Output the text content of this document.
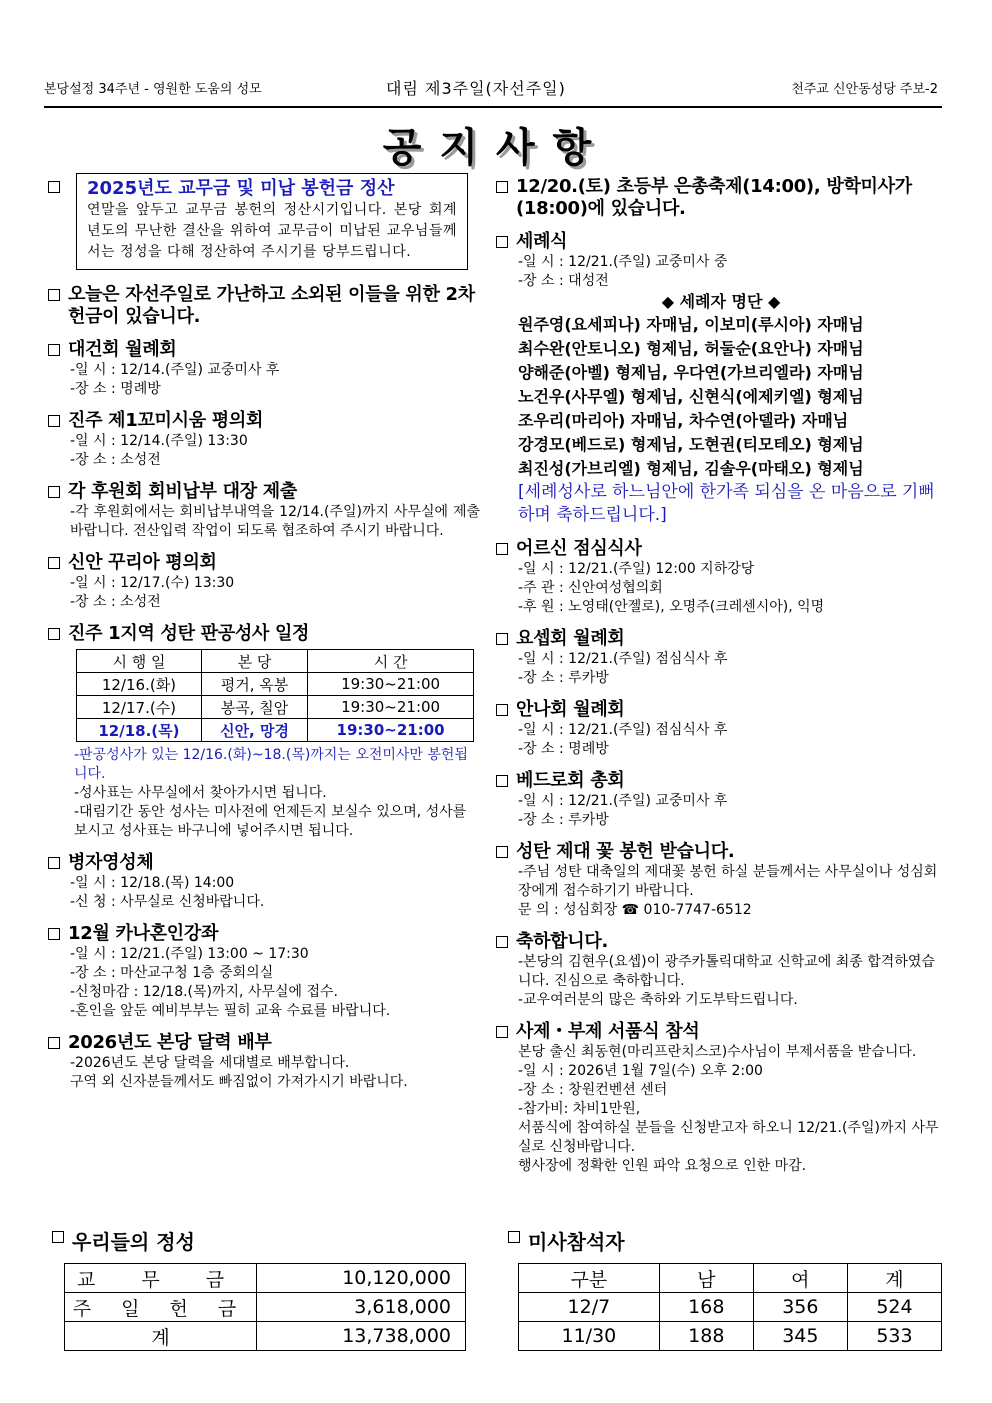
본당설정 34주년 - 영원한 도움의 성모	대림 제3주일(자선주일)	천주교 신안동성당 주보-2
공지사항
2025년도 교무금 및 미납 봉헌금 정산
연말을 앞두고 교무금 봉헌의 정산시기입니다. 본당 회계년도의 무난한 결산을 위하여 교무금이 미납된 교우님들께서는 정성을 다해 정산하여 주시기를 당부드립니다.
오늘은 자선주일로 가난하고 소외된 이들을 위한 2차 헌금이 있습니다.
대건회 월례회
-일 시 : 12/14.(주일) 교중미사 후
-장 소 : 명례방
진주 제1꼬미시움 평의회
-일 시 : 12/14.(주일) 13:30
-장 소 : 소성전
각 후원회 회비납부 대장 제출
-각 후원회에서는 회비납부내역을 12/14.(주일)까지 사무실에 제출 바랍니다. 전산입력 작업이 되도록 협조하여 주시기 바랍니다.
신안 꾸리아 평의회
-일 시 : 12/17.(수) 13:30
-장 소 : 소성전
진주 1지역 성탄 판공성사 일정
시 행 일	본 당	시 간
12/16.(화)	평거, 옥봉	19:30~21:00
12/17.(수)	봉곡, 칠암	19:30~21:00
12/18.(목)	신안, 망경	19:30~21:00
-판공성사가 있는 12/16.(화)~18.(목)까지는 오전미사만 봉헌됩니다.
-성사표는 사무실에서 찾아가시면 됩니다.
-대림기간 동안 성사는 미사전에 언제든지 보실수 있으며, 성사를 보시고 성사표는 바구니에 넣어주시면 됩니다.
병자영성체
-일 시 : 12/18.(목) 14:00
-신 청 : 사무실로 신청바랍니다.
12월 카나혼인강좌
-일 시 : 12/21.(주일) 13:00 ~ 17:30
-장 소 : 마산교구청 1층 중회의실
-신청마감 : 12/18.(목)까지, 사무실에 접수.
-혼인을 앞둔 예비부부는 필히 교육 수료를 바랍니다.
2026년도 본당 달력 배부
-2026년도 본당 달력을 세대별로 배부합니다.
구역 외 신자분들께서도 빠짐없이 가져가시기 바랍니다.
12/20.(토) 초등부 은총축제(14:00), 방학미사가 (18:00)에 있습니다.
세례식
-일 시 : 12/21.(주일) 교중미사 중
-장 소 : 대성전
◆ 세례자 명단 ◆
원주영(요세피나) 자매님, 이보미(루시아) 자매님
최수완(안토니오) 형제님, 허둘순(요안나) 자매님
양해준(아벨) 형제님, 우다연(가브리엘라) 자매님
노건우(사무엘) 형제님, 신현식(에제키엘) 형제님
조우리(마리아) 자매님, 차수연(아델라) 자매님
강경모(베드로) 형제님, 도현권(티모테오) 형제님
최진성(가브리엘) 형제님, 김솔우(마태오) 형제님
[세례성사로 하느님안에 한가족 되심을 온 마음으로 기뻐하며 축하드립니다.]
어르신 점심식사
-일 시 : 12/21.(주일) 12:00 지하강당
-주 관 : 신안여성협의회
-후 원 : 노영태(안젤로), 오명주(크레센시아), 익명
요셉회 월례회
-일 시 : 12/21.(주일) 점심식사 후
-장 소 : 루카방
안나회 월례회
-일 시 : 12/21.(주일) 점심식사 후
-장 소 : 명례방
베드로회 총회
-일 시 : 12/21.(주일) 교중미사 후
-장 소 : 루카방
성탄 제대 꽃 봉헌 받습니다.
-주님 성탄 대축일의 제대꽃 봉헌 하실 분들께서는 사무실이나 성심회장에게 접수하기기 바랍니다.
문 의 : 성심회장 ☎ 010-7747-6512
축하합니다.
-본당의 김현우(요셉)이 광주카톨릭대학교 신학교에 최종 합격하였습니다. 진심으로 축하합니다.
-교우여러분의 많은 축하와 기도부탁드립니다.
사제・부제 서품식 참석
본당 출신 최동현(마리프란치스코)수사님이 부제서품을 받습니다.
-일 시 : 2026년 1월 7일(수) 오후 2:00
-장 소 : 창원컨벤션 센터
-참가비: 차비1만원,
서품식에 참여하실 분들을 신청받고자 하오니 12/21.(주일)까지 사무실로 신청바랍니다.
행사장에 정확한 인원 파악 요청으로 인한 마감.
우리들의 정성
교 무 금	10,120,000
주 일 헌 금	3,618,000
계	13,738,000
미사참석자
구분	남	여	계
12/7	168	356	524
11/30	188	345	533
